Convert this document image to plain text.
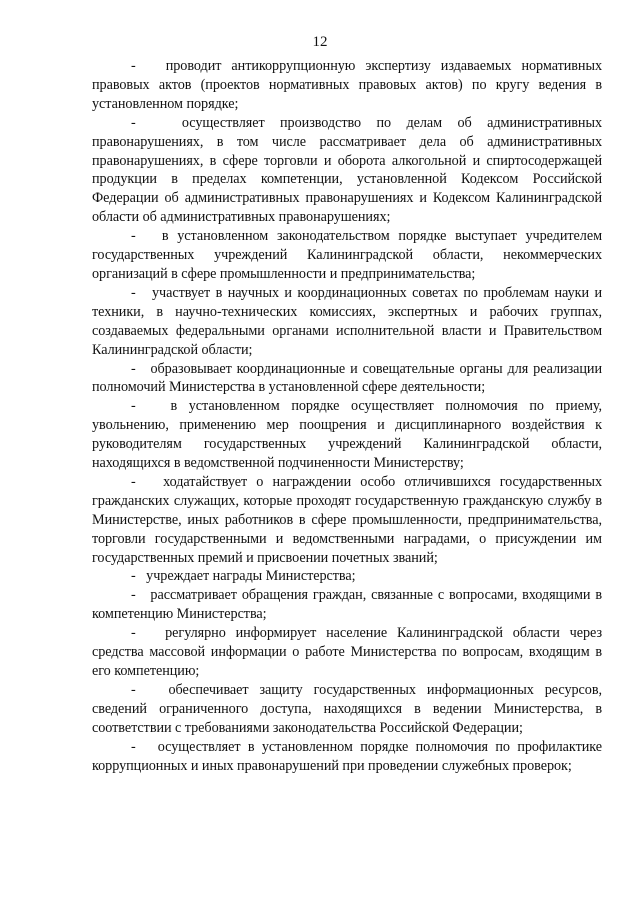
12

-   проводит антикоррупционную экспертизу издаваемых нормативных правовых актов (проектов нормативных правовых актов) по кругу ведения в установленном порядке;

-   осуществляет производство по делам об административных правонарушениях, в том числе рассматривает дела об административных правонарушениях, в сфере торговли и оборота алкогольной и спиртосодержащей продукции в пределах компетенции, установленной Кодексом Российской Федерации об административных правонарушениях и Кодексом Калининградской области об административных правонарушениях;

-   в установленном законодательством порядке выступает учредителем государственных учреждений Калининградской области, некоммерческих организаций в сфере промышленности и предпринимательства;

-   участвует в научных и координационных советах по проблемам науки и техники, в научно-технических комиссиях, экспертных и рабочих группах, создаваемых федеральными органами исполнительной власти и Правительством Калининградской области;

-   образовывает координационные и совещательные органы для реализации полномочий Министерства в установленной сфере деятельности;

-   в установленном порядке осуществляет полномочия по приему, увольнению, применению мер поощрения и дисциплинарного воздействия к руководителям государственных учреждений Калининградской области, находящихся в ведомственной подчиненности Министерству;

-   ходатайствует о награждении особо отличившихся государственных гражданских служащих, которые проходят государственную гражданскую службу в Министерстве, иных работников в сфере промышленности, предпринимательства, торговли государственными и ведомственными наградами, о присуждении им государственных премий и присвоении почетных званий;

-   учреждает награды Министерства;

-   рассматривает обращения граждан, связанные с вопросами, входящими в компетенцию Министерства;

-   регулярно информирует население Калининградской области через средства массовой информации о работе Министерства по вопросам, входящим в его компетенцию;

-   обеспечивает защиту государственных информационных ресурсов, сведений ограниченного доступа, находящихся в ведении Министерства, в соответствии с требованиями законодательства Российской Федерации;

-   осуществляет в установленном порядке полномочия по профилактике коррупционных и иных правонарушений при проведении служебных проверок;
